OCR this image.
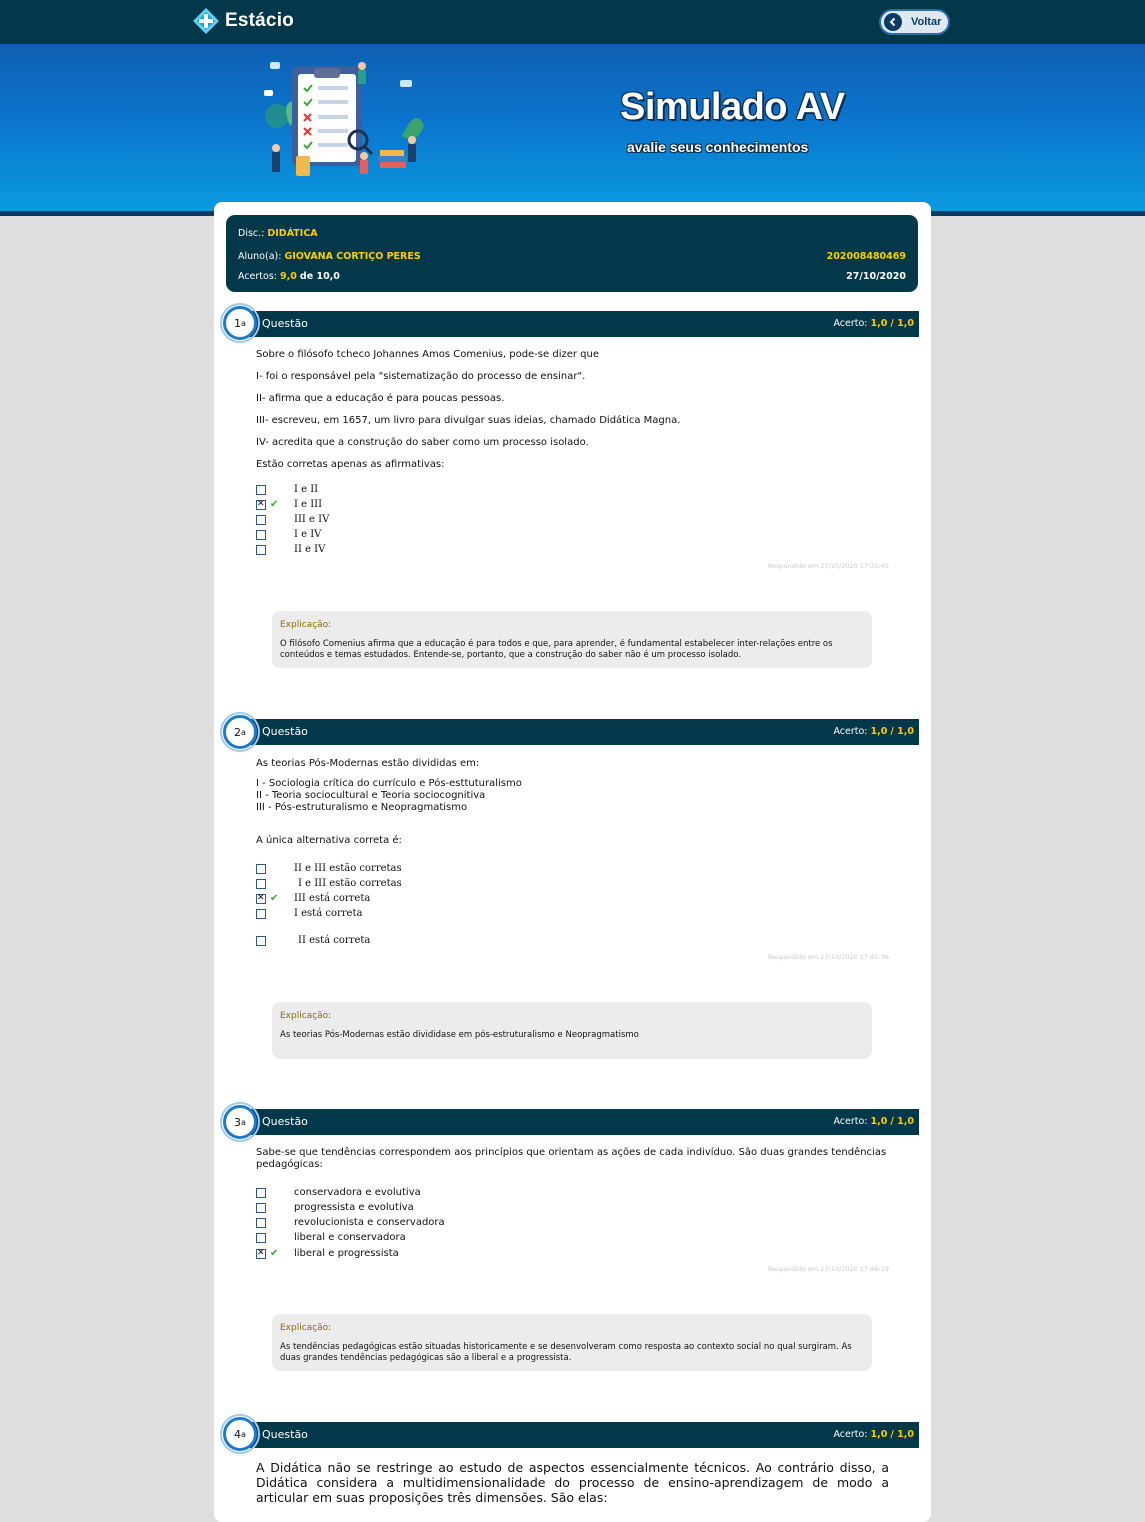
Estácio	Voltar
Simulado AV
avalie seus conhecimentos
Disc.: DIDÁTICA
Aluno(a): GIOVANA CORTIÇO PERES	202008480469
Acertos: 9,0 de 10,0	27/10/2020
Questão	Acerto: 1,0 / 1,0
1 a

Sobre o filósofo tcheco Johannes Amos Comenius, pode-se dizer que

I- foi o responsável pela "sistematização do processo de ensinar".

II- afirma que a educação é para poucas pessoas.

III- escreveu, em 1657, um livro para divulgar suas ideias, chamado Didática Magna.

IV- acredita que a construção do saber como um processo isolado.

Estão corretas apenas as afirmativas:

I e II
✕
✔ I e III
III e IV
I e IV
II e IV
Respondido em 27/10/2020 17:35:45
Explicação:
O filósofo Comenius afirma que a educação é para todos e que, para aprender, é fundamental estabelecer inter-relações entre os conteúdos e temas estudados. Entende-se, portanto, que a construção do saber não é um processo isolado.
Questão	Acerto: 1,0 / 1,0
2 a

As teorias Pós-Modernas estão divididas em:

I - Sociologia crítica do currículo e Pós-esttuturalismo

II - Teoria sociocultural e Teoria sociocognitiva

III - Pós-estruturalismo e Neopragmatismo

A única alternativa correta é:

II e III estão corretas
I e III estão corretas
✕
✔ III está correta
I está correta
II está correta
Respondido em 27/10/2020 17:45:36
Explicação:
As teorias Pós-Modernas estão divididase em pós-estruturalismo e Neopragmatismo
Questão	Acerto: 1,0 / 1,0
3 a

Sabe-se que tendências correspondem aos princípios que orientam as ações de cada indivíduo. São duas grandes tendências pedagógicas:

conservadora e evolutiva
progressista e evolutiva
revolucionista e conservadora
liberal e conservadora
✕
✔ liberal e progressista
Respondido em 27/10/2020 17:46:19
Explicação:
As tendências pedagógicas estão situadas historicamente e se desenvolveram como resposta ao contexto social no qual surgiram. As duas grandes tendências pedagógicas são a liberal e a progressista.
Questão	Acerto: 1,0 / 1,0
4 a

A Didática não se restringe ao estudo de aspectos essencialmente técnicos. Ao contrário disso, a Didática considera a multidimensionalidade do processo de ensino-aprendizagem de modo a articular em suas proposições três dimensões. São elas:
